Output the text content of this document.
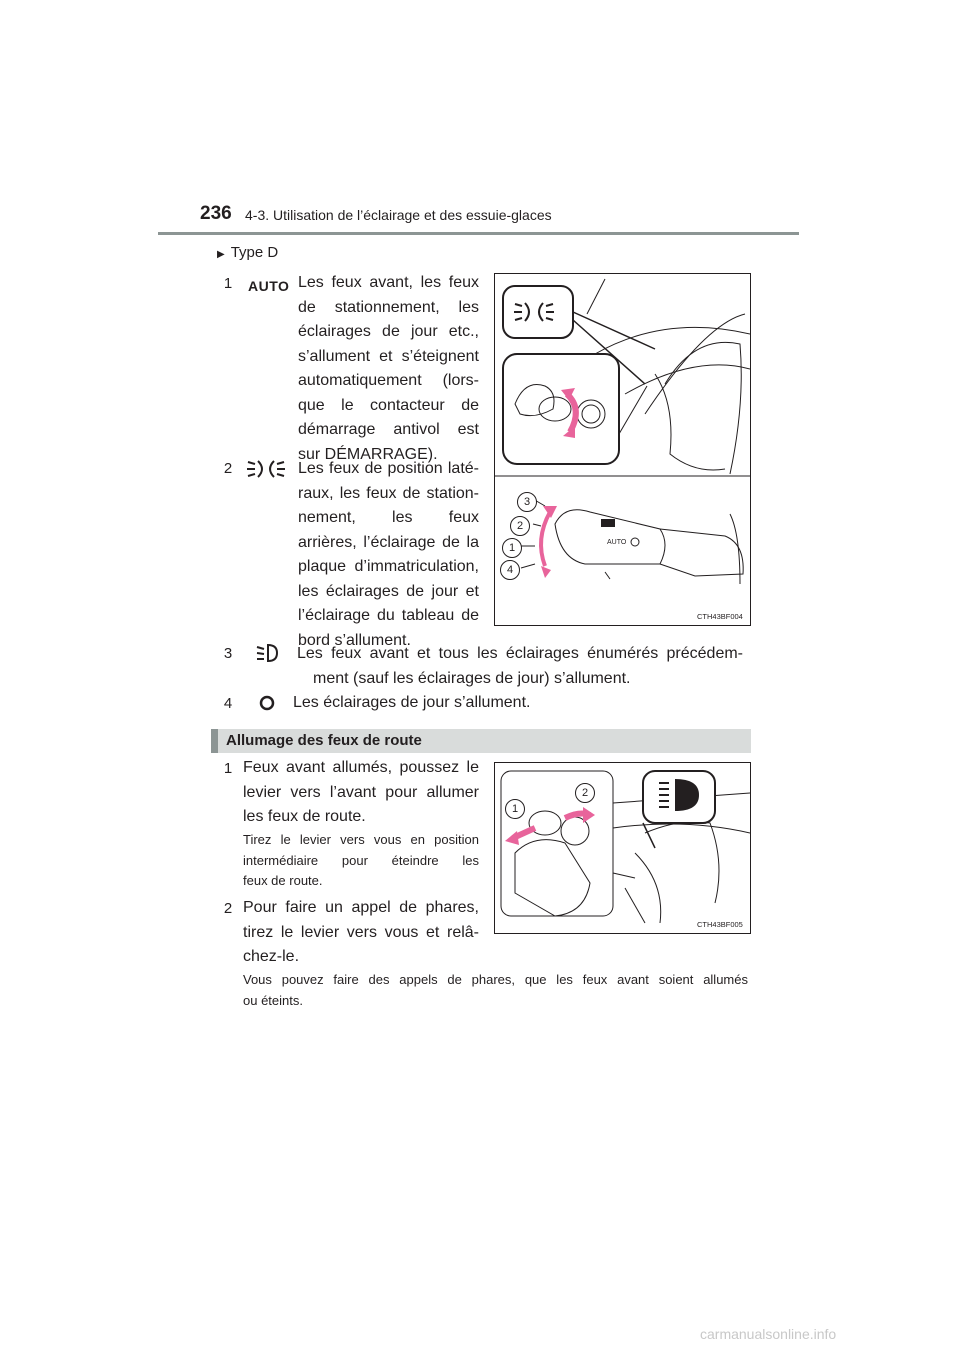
236 4-3. Utilisation de l’éclairage et des essuie-glaces
▶ Type D
1 AUTO Les feux avant, les feux
de stationnement, les
éclairages de jour etc.,
s’allument et s’éteignent
automatiquement (lors-
que le contacteur de
démarrage antivol est
sur DÉMARRAGE).
2	Les feux de position laté-
raux, les feux de station-
nement, les feux
arrières, l’éclairage de la
plaque d’immatriculation,
les éclairages de jour et
l’éclairage du tableau de
bord s’allument.
AUTO
3
2
1
4
CTH43BF004
3	Les feux avant et tous les éclairages énumérés précédem-
ment (sauf les éclairages de jour) s’allument.
4	Les éclairages de jour s’allument.
Allumage des feux de route
1 Feux avant allumés, poussez le
levier vers l’avant pour allumer
les feux de route.
Tirez le levier vers vous en position
intermédiaire pour éteindre les
feux de route.
2 Pour faire un appel de phares,
tirez le levier vers vous et relâ-
chez-le.
Vous pouvez faire des appels de phares, que les feux avant soient allumés
ou éteints.
1
2
CTH43BF005
carmanualsonline.info
